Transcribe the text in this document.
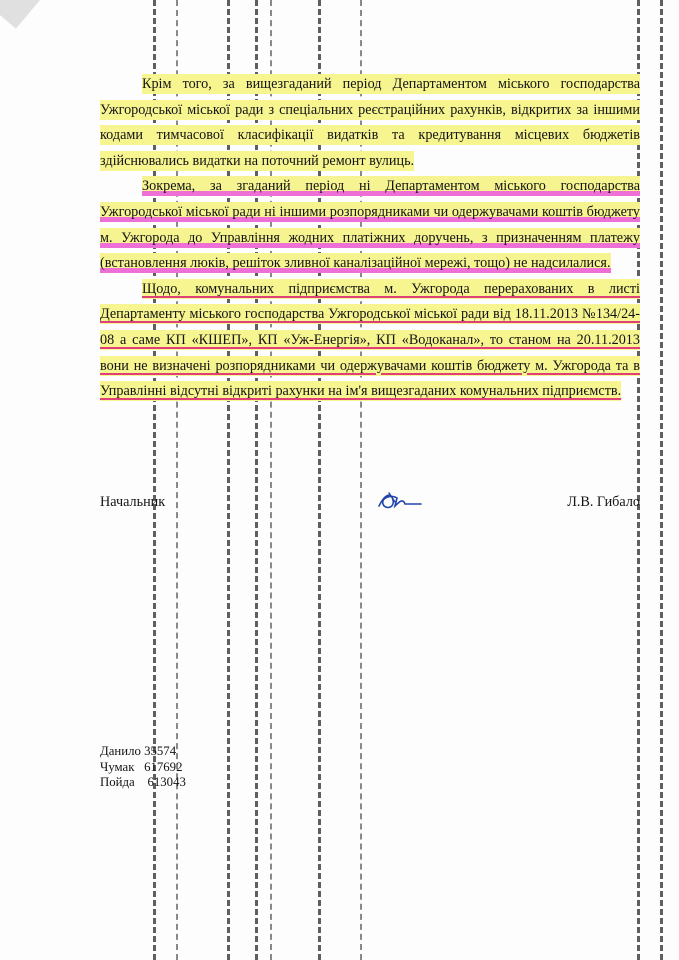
Крім того, за вищезгаданий період Департаментом міського господарства Ужгородської міської ради з спеціальних реєстраційних рахунків, відкритих за іншими кодами тимчасової класифікації видатків та кредитування місцевих бюджетів здійснювались видатки на поточний ремонт вулиць.

Зокрема, за згаданий період ні Департаментом міського господарства Ужгородської міської ради ні іншими розпорядниками чи одержувачами коштів бюджету м. Ужгорода до Управління жодних платіжних доручень, з призначенням платежу (встановлення люків, решіток зливної каналізаційної мережі, тощо) не надсилалися.

Щодо, комунальних підприємства м. Ужгорода перерахованих в листі Департаменту міського господарства Ужгородської міської ради від 18.11.2013 №134/24-08 а саме КП «КШЕП», КП «Уж-Енергія», КП «Водоканал», то станом на 20.11.2013 вони не визначені розпорядниками чи одержувачами коштів бюджету м. Ужгорода та в Управлінні відсутні відкриті рахунки на ім'я вищезгаданих комунальних підприємств.

Начальник	Л.В. Гибало
Данило 35574
Чумак 617692
Пойда 613043
